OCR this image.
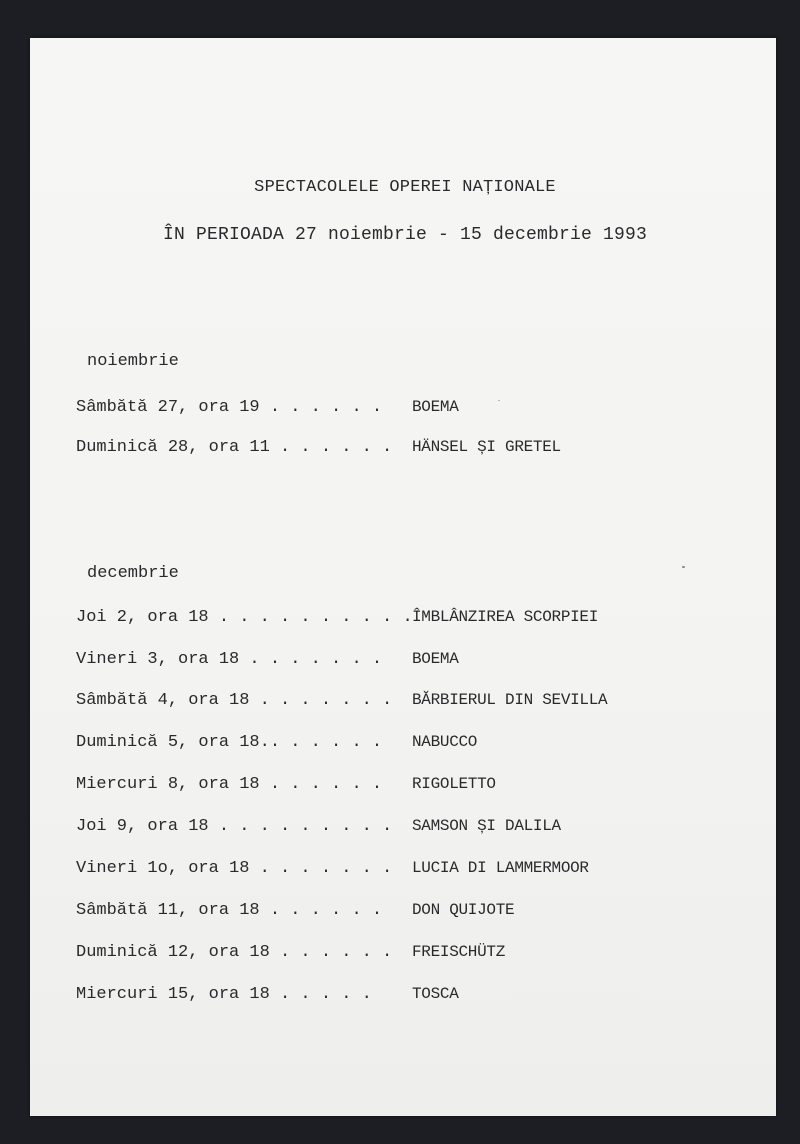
SPECTACOLELE OPEREI NAȚIONALE
ÎN PERIOADA 27 noiembrie - 15 decembrie 1993
noiembrie

Sâmbătă 27, ora 19 . . . . . .

BOEMA

Duminică 28, ora 11 . . . . . .

HÄNSEL ȘI GRETEL

decembrie

Joi 2, ora 18 . . . . . . . . . .

ÎMBLÂNZIREA SCORPIEI

Vineri 3, ora 18 . . . . . . .

BOEMA

Sâmbătă 4, ora 18 . . . . . . .

BĂRBIERUL DIN SEVILLA

Duminică 5, ora 18.. . . . . .

NABUCCO

Miercuri 8, ora 18 . . . . . .

RIGOLETTO

Joi 9, ora 18 . . . . . . . . .

SAMSON ȘI DALILA

Vineri 1o, ora 18 . . . . . . .

LUCIA DI LAMMERMOOR

Sâmbătă 11, ora 18 . . . . . .

DON QUIJOTE

Duminică 12, ora 18 . . . . . .

FREISCHÜTZ

Miercuri 15, ora 18 . . . . .

	TOSCA
